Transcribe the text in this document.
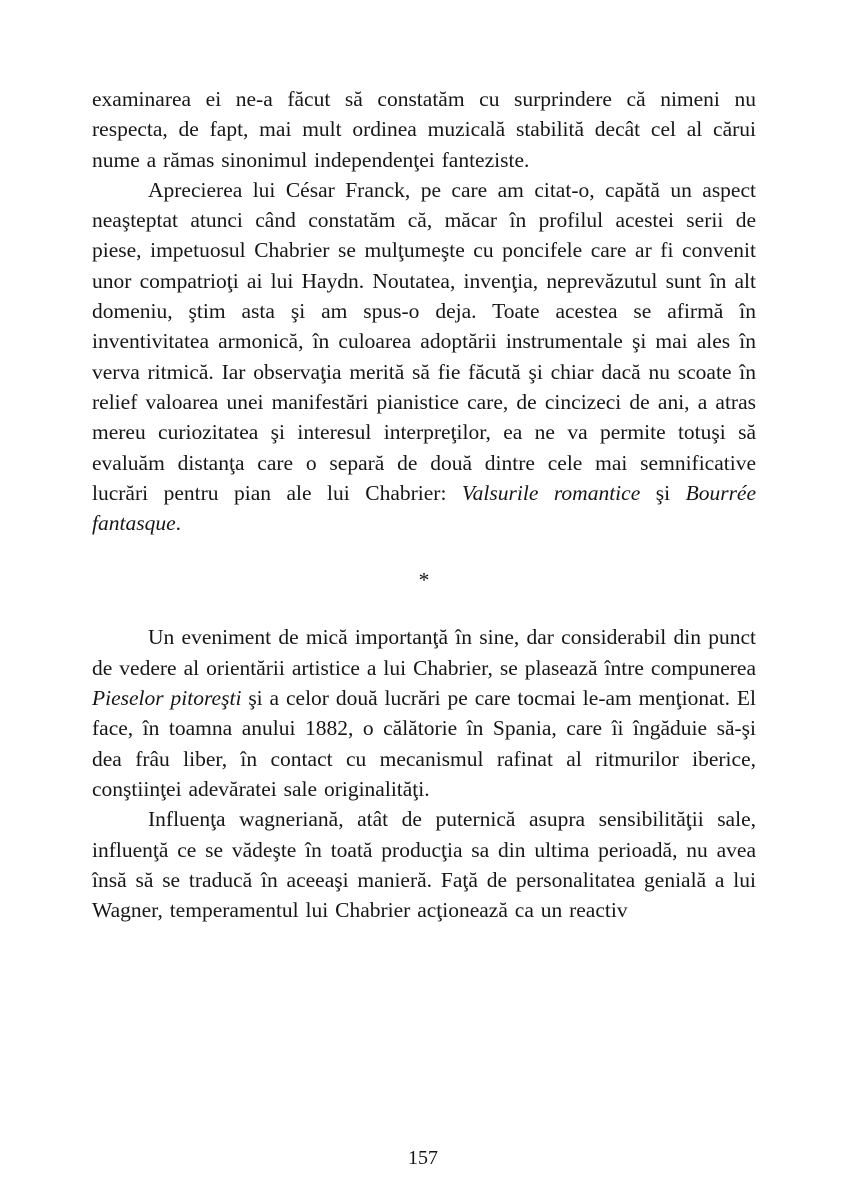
examinarea ei ne-a făcut să constatăm cu surprindere că nimeni nu respecta, de fapt, mai mult ordinea muzicală stabilită decât cel al cărui nume a rămas sinonimul independenţei fanteziste.

Aprecierea lui César Franck, pe care am citat-o, capătă un aspect neaşteptat atunci când constatăm că, măcar în profilul acestei serii de piese, impetuosul Chabrier se mulţumeşte cu poncifele care ar fi convenit unor compatrioţi ai lui Haydn. Noutatea, invenţia, neprevăzutul sunt în alt domeniu, ştim asta şi am spus-o deja. Toate acestea se afirmă în inventivitatea armonică, în culoarea adoptării instrumentale şi mai ales în verva ritmică. Iar observaţia merită să fie făcută şi chiar dacă nu scoate în relief valoarea unei manifestări pianistice care, de cincizeci de ani, a atras mereu curiozitatea şi interesul interpreţilor, ea ne va permite totuşi să evaluăm distanţa care o separă de două dintre cele mai semnificative lucrări pentru pian ale lui Chabrier: Valsurile romantice şi Bourrée fantasque.

*

Un eveniment de mică importanţă în sine, dar considerabil din punct de vedere al orientării artistice a lui Chabrier, se plasează între compunerea Pieselor pitoreşti şi a celor două lucrări pe care tocmai le-am menţionat. El face, în toamna anului 1882, o călătorie în Spania, care îi îngăduie să-şi dea frâu liber, în contact cu mecanismul rafinat al ritmurilor iberice, conştiinţei adevăratei sale originalităţi.

Influenţa wagneriană, atât de puternică asupra sensibilităţii sale, influenţă ce se vădeşte în toată producţia sa din ultima perioadă, nu avea însă să se traducă în aceeaşi manieră. Faţă de personalitatea genială a lui Wagner, temperamentul lui Chabrier acţionează ca un reactiv

157
